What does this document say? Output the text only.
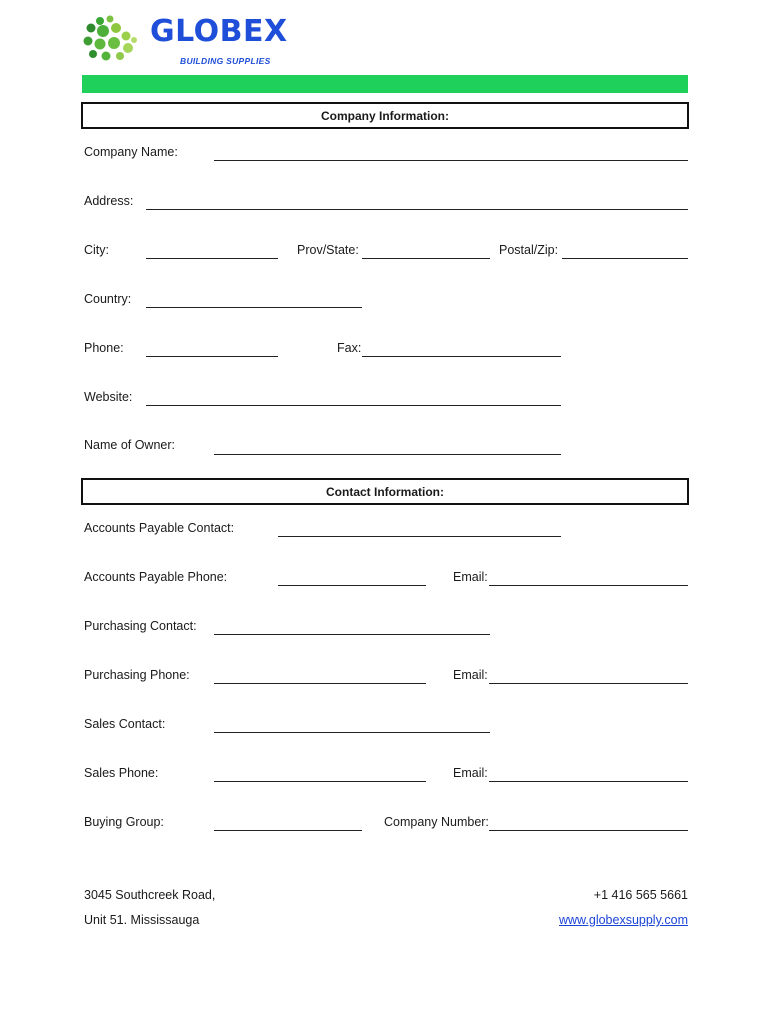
GLOBEX
BUILDING SUPPLIES
Company Information:
Company Name:
Address:
City:	Prov/State:	Postal/Zip:
Country:
Phone:	Fax:
Website:
Name of Owner:
Contact Information:
Accounts Payable Contact:
Accounts Payable Phone:	Email:
Purchasing Contact:
Purchasing Phone:	Email:
Sales Contact:
Sales Phone:	Email:
Buying Group:	Company Number:
3045 Southcreek Road,
Unit 51. Mississauga
+1 416 565 5661
www.globexsupply.com
